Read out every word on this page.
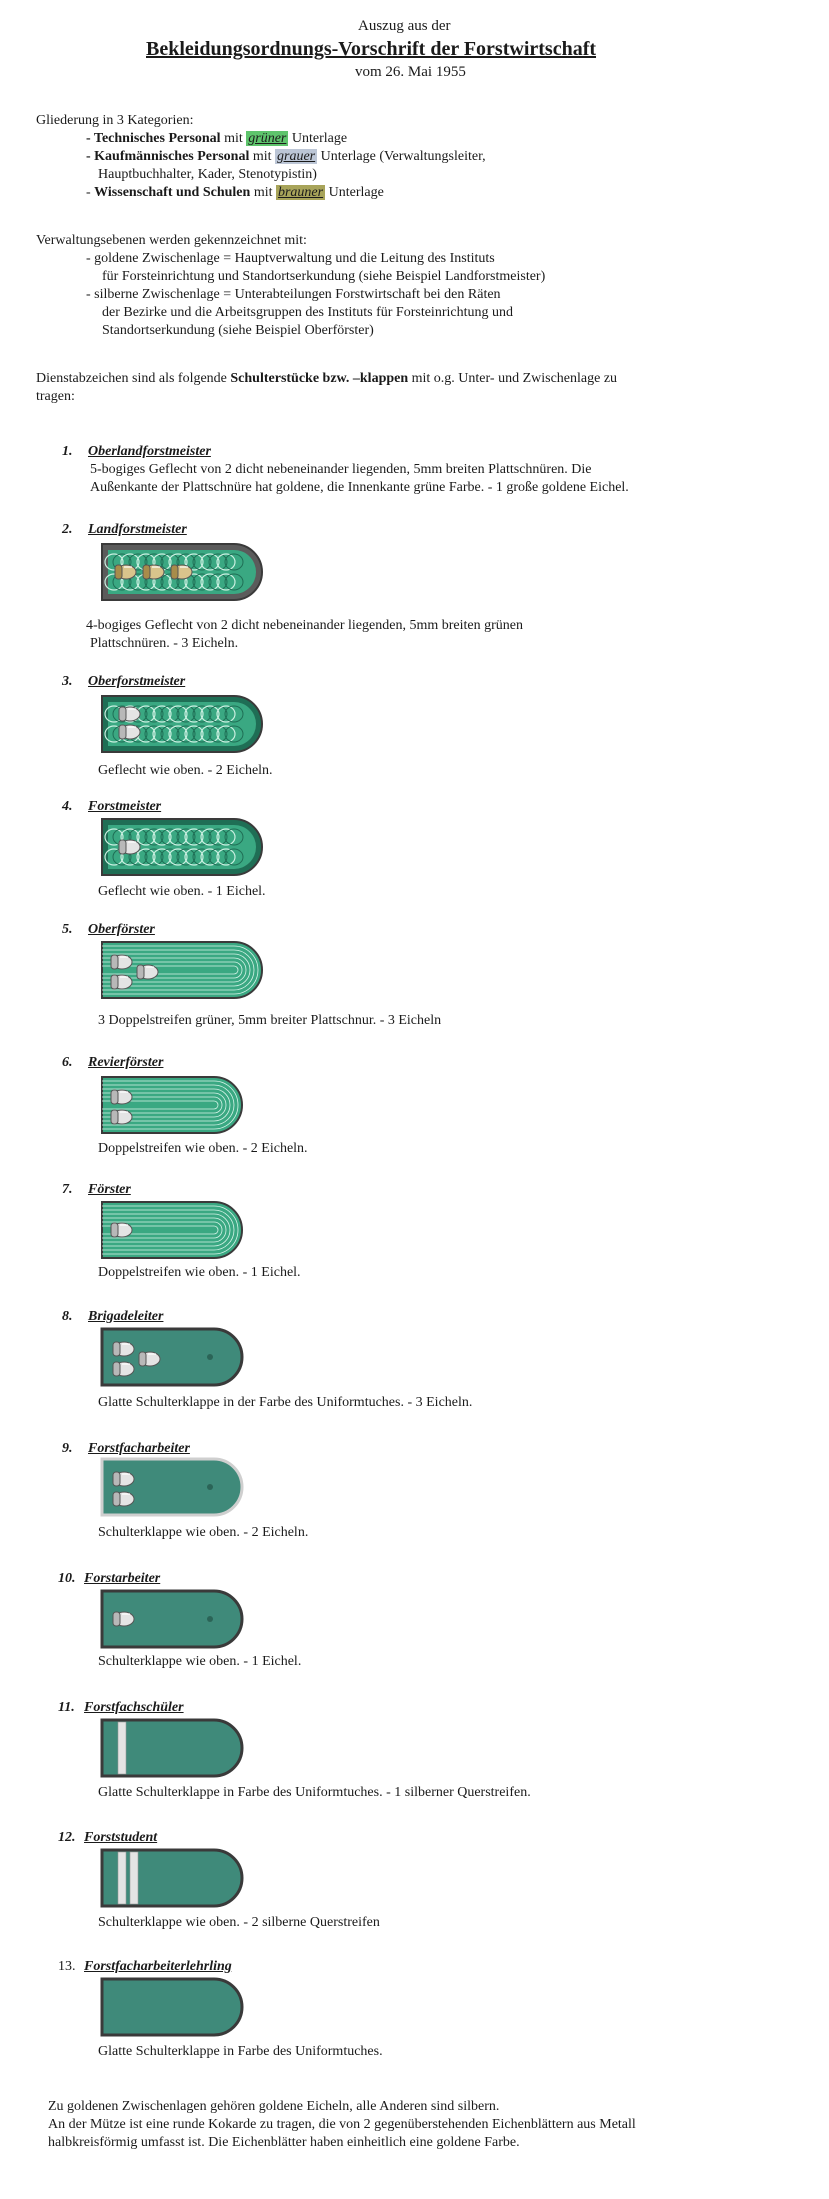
Auszug aus der
Bekleidungsordnungs-Vorschrift der Forstwirtschaft
vom 26. Mai 1955
Gliederung in 3 Kategorien:
- Technisches Personal mit grüner Unterlage
- Kaufmännisches Personal mit grauer Unterlage (Verwaltungsleiter,
Hauptbuchhalter, Kader, Stenotypistin)
- Wissenschaft und Schulen mit brauner Unterlage
Verwaltungsebenen werden gekennzeichnet mit:
- goldene Zwischenlage = Hauptverwaltung und die Leitung des Instituts
für Forsteinrichtung und Standortserkundung (siehe Beispiel Landforstmeister)
- silberne Zwischenlage = Unterabteilungen Forstwirtschaft bei den Räten
der Bezirke und die Arbeitsgruppen des Instituts für Forsteinrichtung und
Standortserkundung (siehe Beispiel Oberförster)
Dienstabzeichen sind als folgende Schulterstücke bzw. –klappen mit o.g. Unter- und Zwischenlage zu
tragen:
1. Oberlandforstmeister
5-bogiges Geflecht von 2 dicht nebeneinander liegenden, 5mm breiten Plattschnüren. Die
Außenkante der Plattschnüre hat goldene, die Innenkante grüne Farbe. - 1 große goldene Eichel.
2. Landforstmeister
4-bogiges Geflecht von 2 dicht nebeneinander liegenden, 5mm breiten grünen
Plattschnüren. - 3 Eicheln.
3. Oberforstmeister
Geflecht wie oben. - 2 Eicheln.
4. Forstmeister
Geflecht wie oben. - 1 Eichel.
5. Oberförster
3 Doppelstreifen grüner, 5mm breiter Plattschnur. - 3 Eicheln
6. Revierförster
Doppelstreifen wie oben. - 2 Eicheln.
7. Förster
Doppelstreifen wie oben. - 1 Eichel.
8. Brigadeleiter
Glatte Schulterklappe in der Farbe des Uniformtuches. - 3 Eicheln.
9. Forstfacharbeiter
Schulterklappe wie oben. - 2 Eicheln.
10. Forstarbeiter
Schulterklappe wie oben. - 1 Eichel.
11. Forstfachschüler
Glatte Schulterklappe in Farbe des Uniformtuches. - 1 silberner Querstreifen.
12. Forststudent
Schulterklappe wie oben. - 2 silberne Querstreifen
13. Forstfacharbeiterlehrling
Glatte Schulterklappe in Farbe des Uniformtuches.
Zu goldenen Zwischenlagen gehören goldene Eicheln, alle Anderen sind silbern.
An der Mütze ist eine runde Kokarde zu tragen, die von 2 gegenüberstehenden Eichenblättern aus Metall
halbkreisförmig umfasst ist. Die Eichenblätter haben einheitlich eine goldene Farbe.
